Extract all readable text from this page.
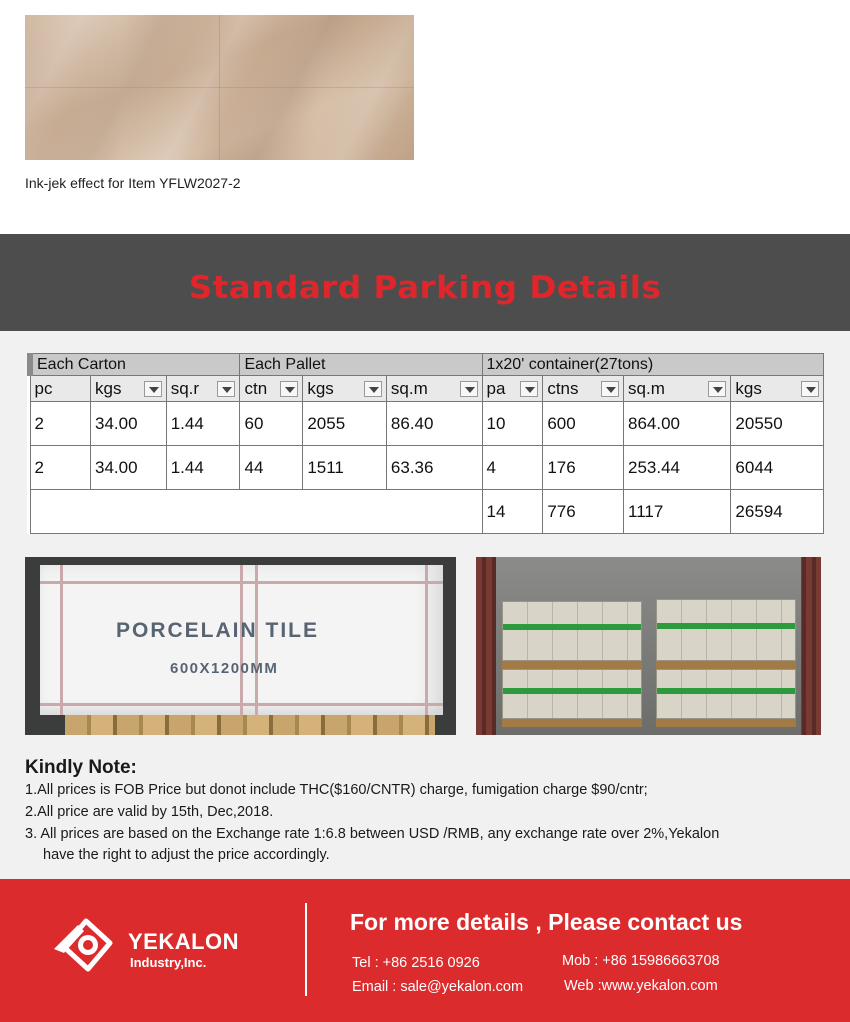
Ink-jek effect for Item YFLW2027-2
Standard Parking Details
Each Carton			Each Pallet			1x20' container(27tons)			

pc	kgs	sq.r	ctn	kgs	sq.m	pa	ctns	sq.m	kgs

2	34.00	1.44	60	2055	86.40	10	600	864.00	20550
2	34.00	1.44	44	1511	63.36	4	176	253.44	6044
						14	776	1117	26594
PORCELAIN TILE
600X1200MM
Kindly Note:
1.All prices is FOB Price but donot include THC($160/CNTR) charge, fumigation charge $90/cntr;
2.All price are valid by 15th, Dec,2018.
3. All prices are based on the Exchange rate 1:6.8 between USD /RMB, any exchange rate over 2%,Yekalon
have the right to adjust the price accordingly.
YEKALON
Industry,Inc.
For more details , Please contact us
Tel : +86 2516 0926	Mob : +86 15986663708
Email : sale@yekalon.com	Web :www.yekalon.com
